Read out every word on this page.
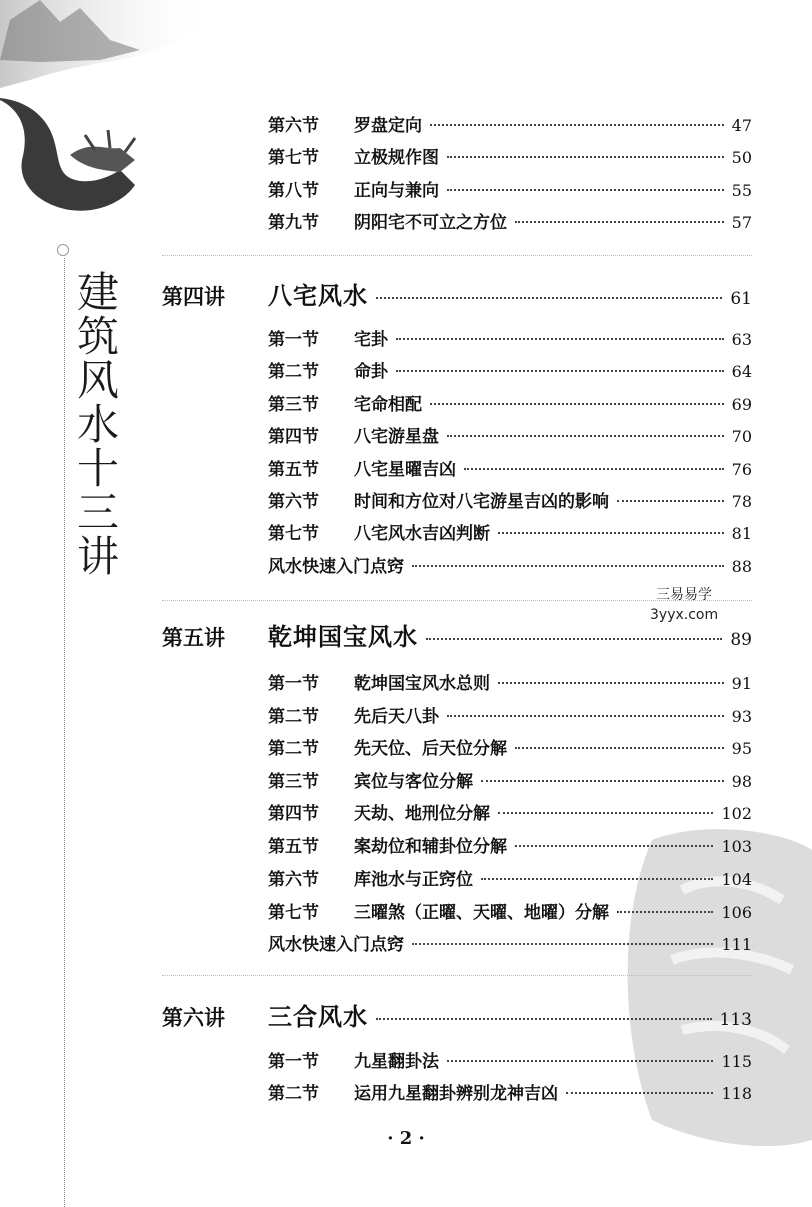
建筑风水十三讲
三易易学
3yyx.com
第六节	罗盘定向	47
第七节	立极规作图	50
第八节	正向与兼向	55
第九节	阴阳宅不可立之方位	57
第四讲	八宅风水	61
第一节	宅卦	63
第二节	命卦	64
第三节	宅命相配	69
第四节	八宅游星盘	70
第五节	八宅星曜吉凶	76
第六节	时间和方位对八宅游星吉凶的影响	78
第七节	八宅风水吉凶判断	81
风水快速入门点窍	88
第五讲	乾坤国宝风水	89
第一节	乾坤国宝风水总则	91
第二节	先后天八卦	93
第二节	先天位、后天位分解	95
第三节	宾位与客位分解	98
第四节	天劫、地刑位分解	102
第五节	案劫位和辅卦位分解	103
第六节	库池水与正窍位	104
第七节	三曜煞（正曜、天曜、地曜）分解	106
风水快速入门点窍	111
第六讲	三合风水	113
第一节	九星翻卦法	115
第二节	运用九星翻卦辨别龙神吉凶	118
· 2 ·
